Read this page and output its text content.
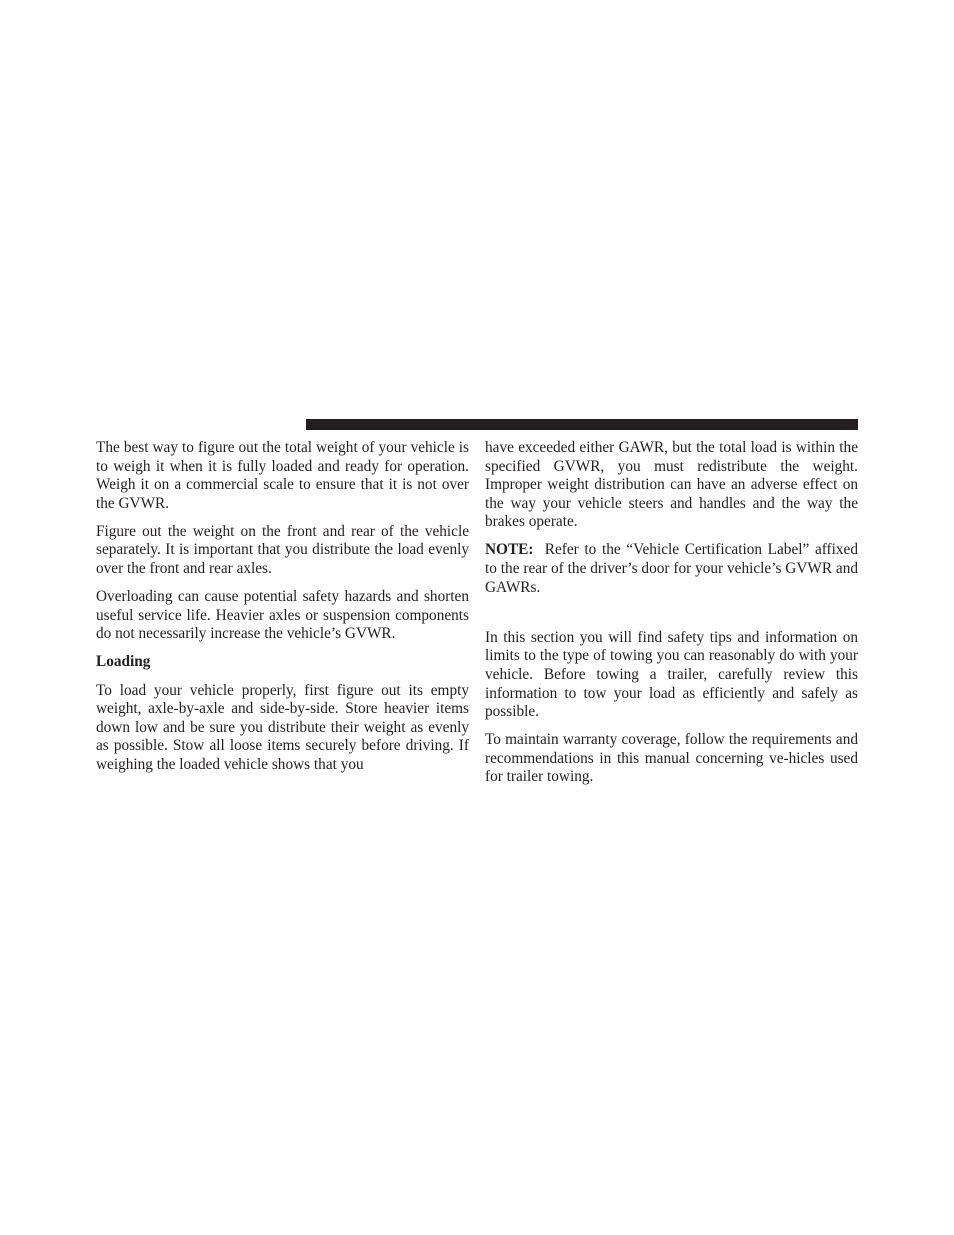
The best way to figure out the total weight of your vehicle is to weigh it when it is fully loaded and ready for operation. Weigh it on a commercial scale to ensure that it is not over the GVWR.

Figure out the weight on the front and rear of the vehicle separately. It is important that you distribute the load evenly over the front and rear axles.

Overloading can cause potential safety hazards and shorten useful service life. Heavier axles or suspension components do not necessarily increase the vehicle’s GVWR.

Loading

To load your vehicle properly, first figure out its empty weight, axle-by-axle and side-by-side. Store heavier items down low and be sure you distribute their weight as evenly as possible. Stow all loose items securely before driving. If weighing the loaded vehicle shows that you

have exceeded either GAWR, but the total load is within the specified GVWR, you must redistribute the weight. Improper weight distribution can have an adverse effect on the way your vehicle steers and handles and the way the brakes operate.

NOTE: Refer to the “Vehicle Certification Label” affixed to the rear of the driver’s door for your vehicle’s GVWR and GAWRs.

In this section you will find safety tips and information on limits to the type of towing you can reasonably do with your vehicle. Before towing a trailer, carefully review this information to tow your load as efficiently and safely as possible.

To maintain warranty coverage, follow the requirements and recommendations in this manual concerning ve-hicles used for trailer towing.
